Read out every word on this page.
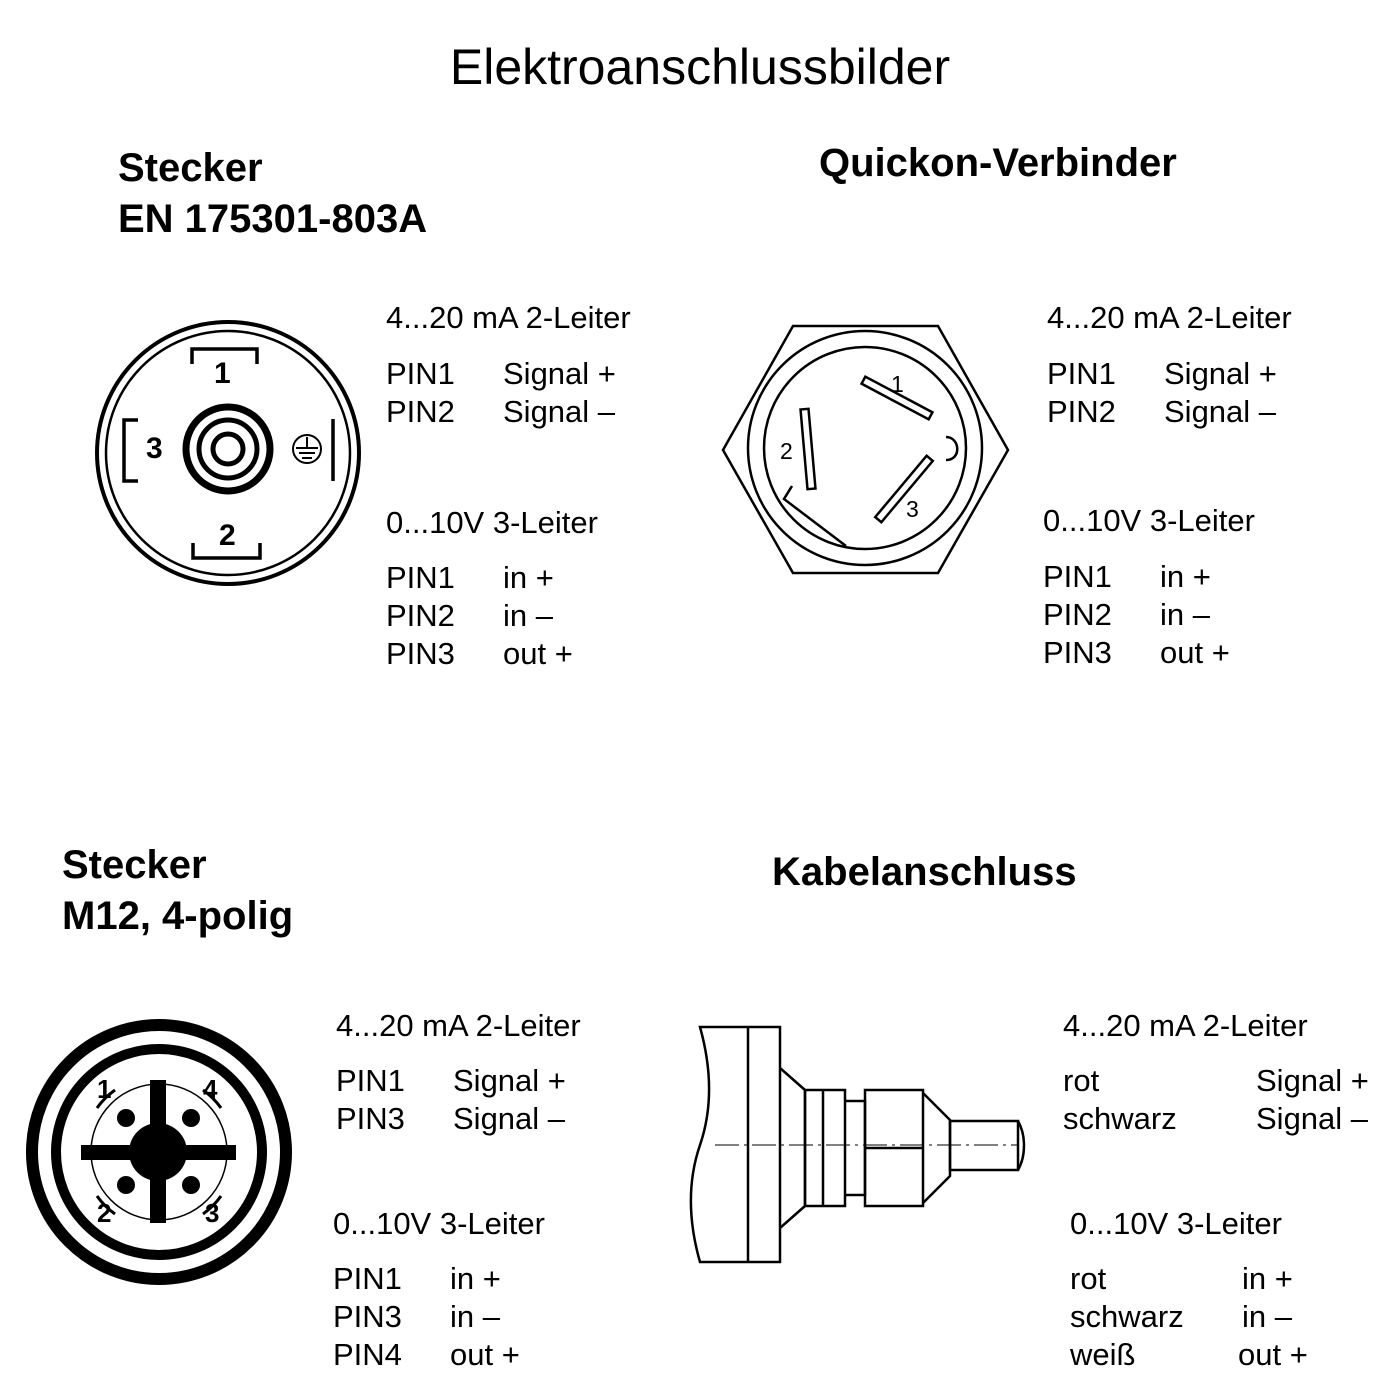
Elektroanschlussbilder
Stecker
EN 175301-803A
1
2
3
4...20 mA 2-Leiter
PIN1 Signal +
PIN2 Signal –
0...10V 3-Leiter
PIN1 in +
PIN2 in –
PIN3 out +
Quickon-Verbinder
1
2
3
4...20 mA 2-Leiter
PIN1 Signal +
PIN2 Signal –
0...10V 3-Leiter
PIN1 in +
PIN2 in –
PIN3 out +
Stecker
M12, 4-polig
1
2	3
4
4...20 mA 2-Leiter
PIN1 Signal +
PIN3 Signal –
0...10V 3-Leiter
PIN1 in +
PIN3 in –
PIN4 out +
Kabelanschluss
4...20 mA 2-Leiter
rot	Signal +
schwarz	Signal –
0...10V 3-Leiter
rot	in +
schwarz in –
weiß	out +
